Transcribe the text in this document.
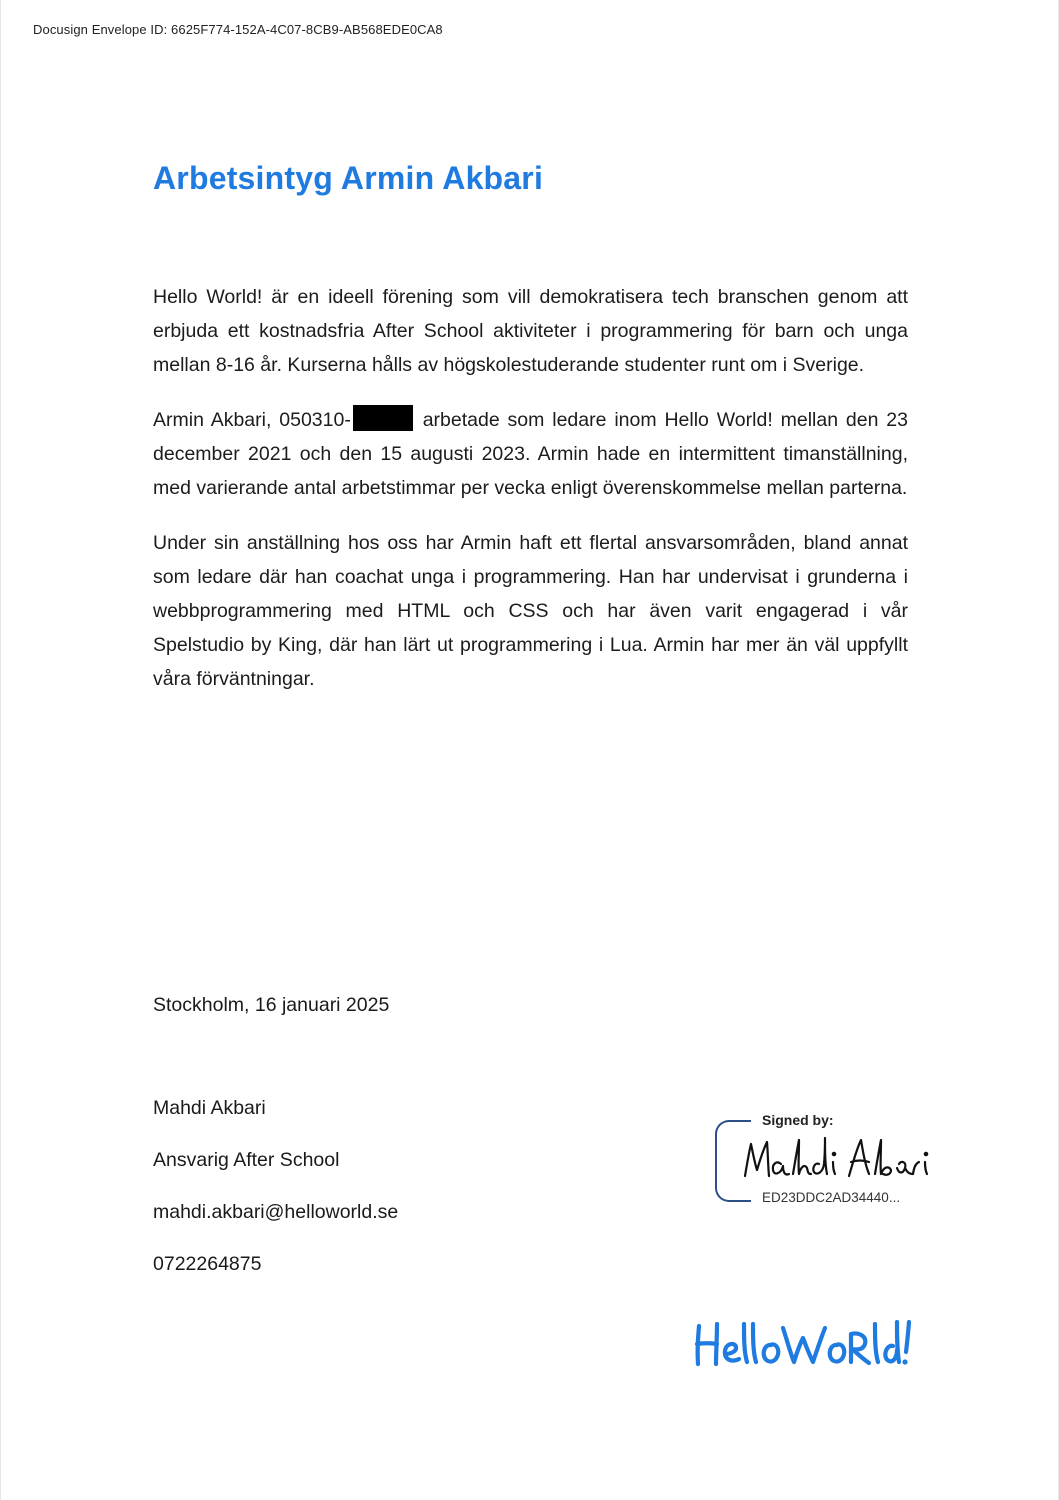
Docusign Envelope ID: 6625F774-152A-4C07-8CB9-AB568EDE0CA8
Arbetsintyg Armin Akbari

Hello World! är en ideell förening som vill demokratisera tech branschen genom att erbjuda ett kostnadsfria After School aktiviteter i programmering för barn och unga mellan 8-16 år. Kurserna hålls av högskolestuderande studenter runt om i Sverige.

Armin Akbari, 050310-	arbetade som ledare inom Hello World! mellan den 23 december 2021 och den 15 augusti 2023. Armin hade en intermittent timanställning, med varierande antal arbetstimmar per vecka enligt överenskommelse mellan parterna.

Under sin anställning hos oss har Armin haft ett flertal ansvarsområden, bland annat som ledare där han coachat unga i programmering. Han har undervisat i grunderna i webbprogrammering med HTML och CSS och har även varit engagerad i vår Spelstudio by King, där han lärt ut programmering i Lua. Armin har mer än väl uppfyllt våra förväntningar.

Stockholm, 16 januari 2025
Mahdi Akbari
Ansvarig After School
mahdi.akbari@helloworld.se
0722264875
Signed by:
ED23DDC2AD34440...
